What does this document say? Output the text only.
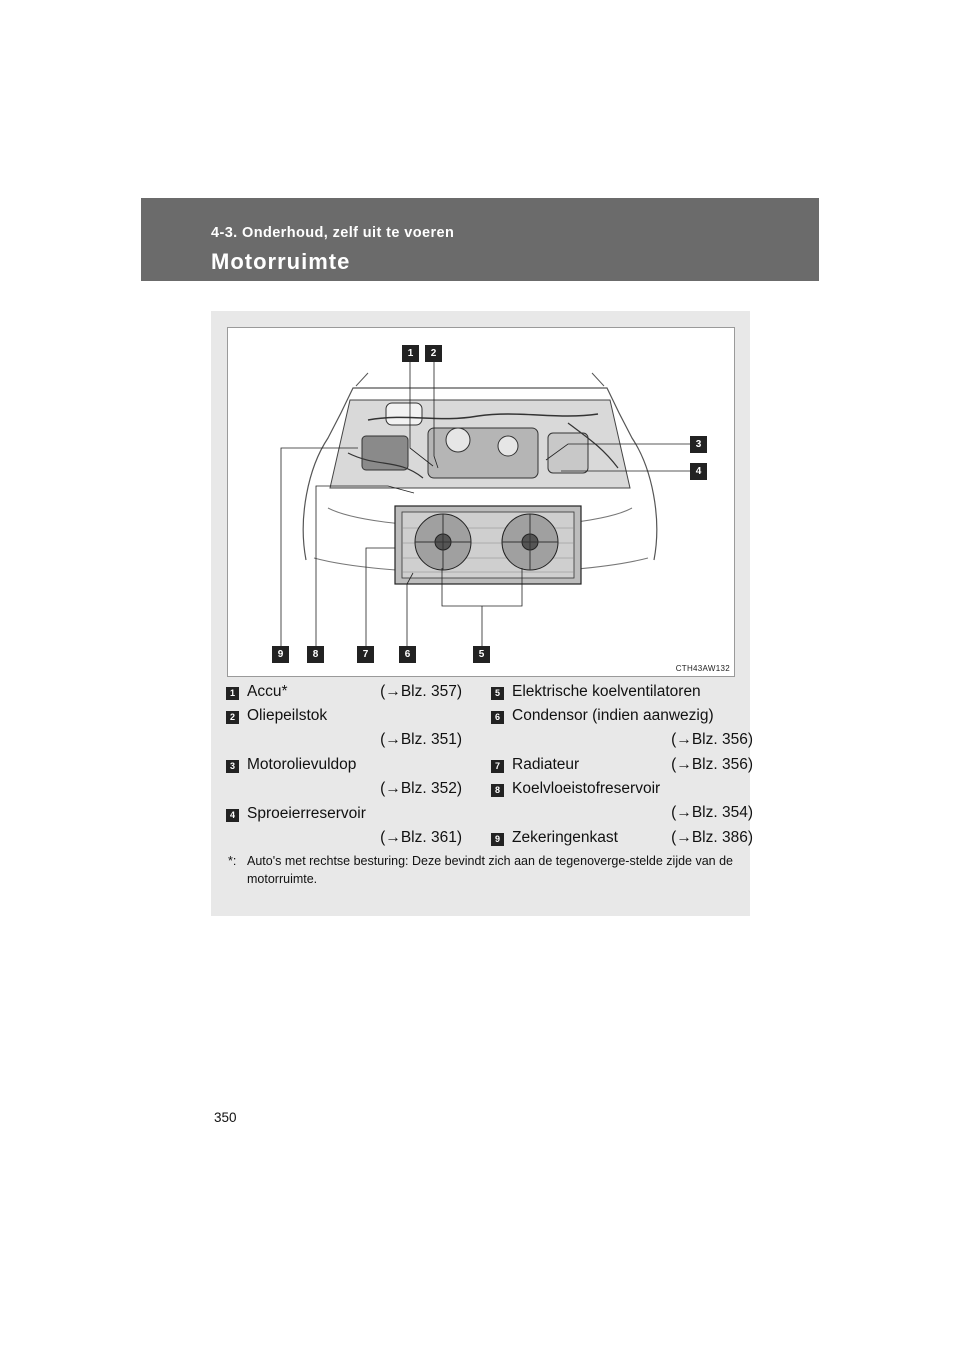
4-3. Onderhoud, zelf uit te voeren
Motorruimte
1	2
3
4
5
6
7
8
9
CTH43AW132
1 Accu*	(→Blz. 357)
2 Oliepeilstok
(→Blz. 351)
3 Motorolievuldop
(→Blz. 352)
4 Sproeierreservoir
(→Blz. 361)
5 Elektrische koelventilatoren
6 Condensor (indien aanwezig)
(→Blz. 356)
7 Radiateur	(→Blz. 356)
8 Koelvloeistofreservoir
(→Blz. 354)
9 Zekeringenkast	(→Blz. 386)
*: Auto's met rechtse besturing: Deze bevindt zich aan de tegenoverge-stelde zijde van de motorruimte.
350
